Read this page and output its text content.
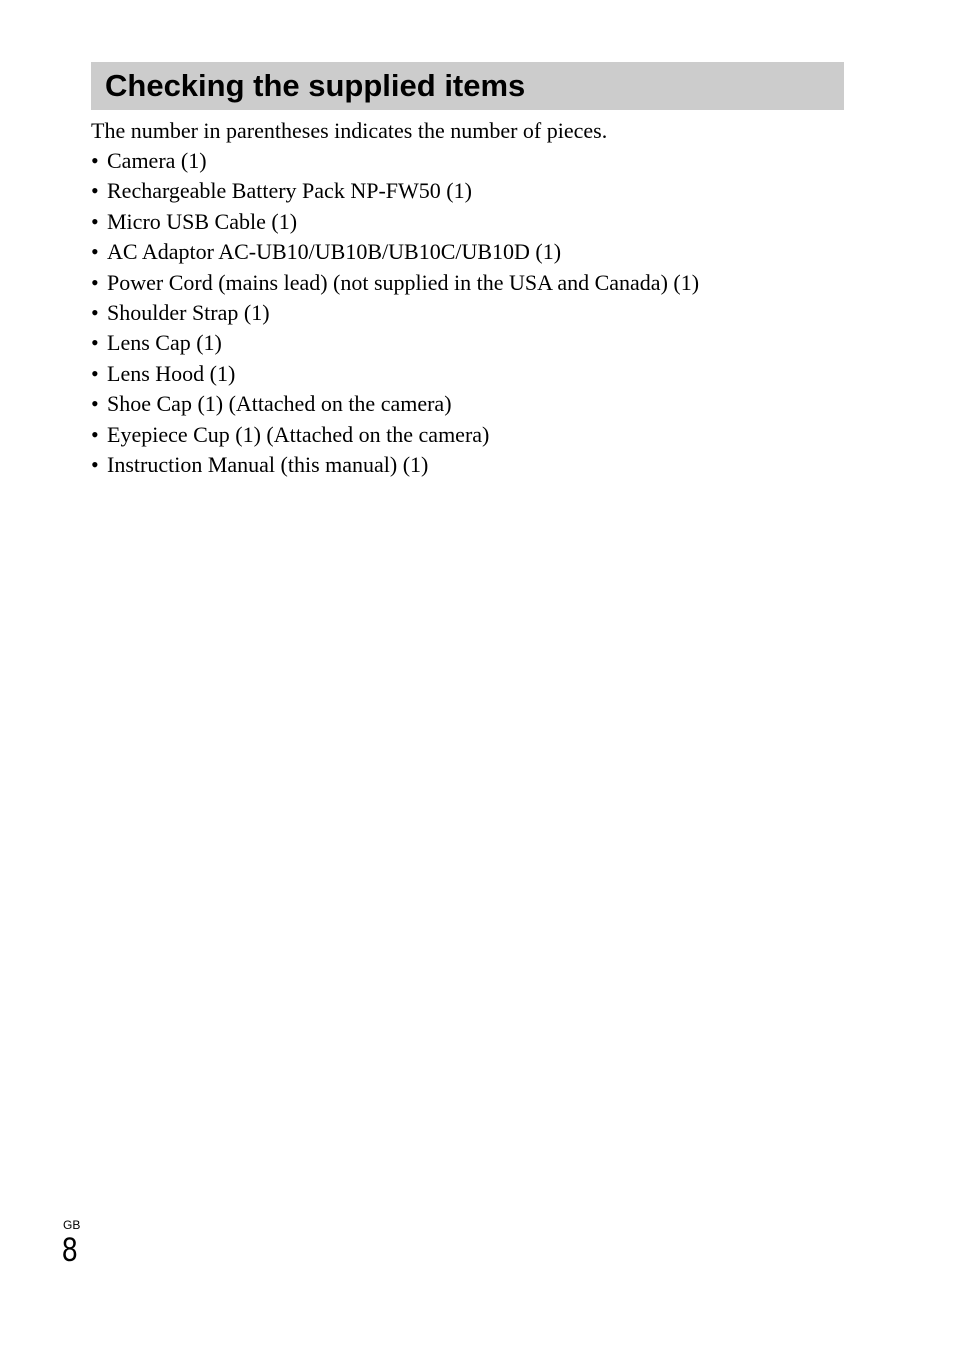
Checking the supplied items

The number in parentheses indicates the number of pieces.

• Camera (1)
• Rechargeable Battery Pack NP-FW50 (1)
• Micro USB Cable (1)
• AC Adaptor AC-UB10/UB10B/UB10C/UB10D (1)
• Power Cord (mains lead) (not supplied in the USA and Canada) (1)
• Shoulder Strap (1)
• Lens Cap (1)
• Lens Hood (1)
• Shoe Cap (1) (Attached on the camera)
• Eyepiece Cup (1) (Attached on the camera)
• Instruction Manual (this manual) (1)
GB
8
